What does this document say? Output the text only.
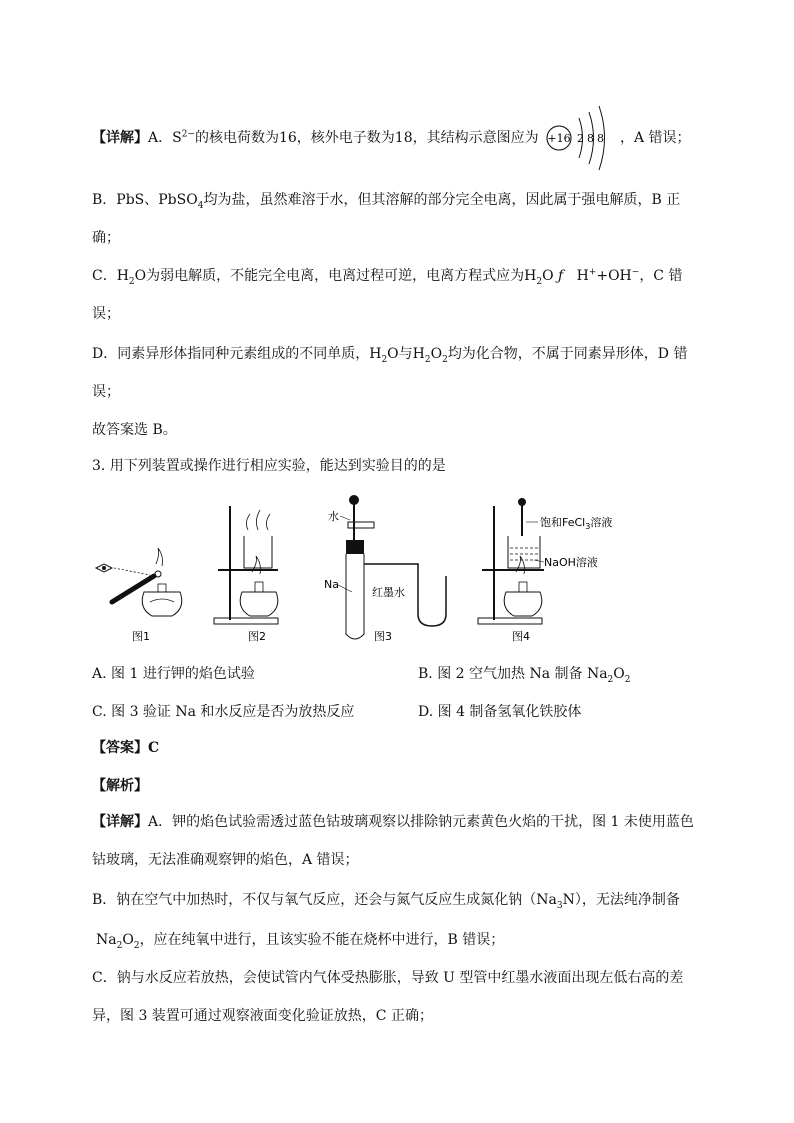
【详解】A．$S^{2-}$的核电荷数为16，核外电子数为18，其结构示意图应为 +16 2 8 8 ，A 错误；
B．PbS、PbSO$_4$均为盐，虽然难溶于水，但其溶解的部分完全电离，因此属于强电解质，B 正
确；
C．$H_2O$为弱电解质，不能完全电离，电离过程可逆，电离方程式应为$H_2O$ ƒ H++OH−，C 错
误；
D．同素异形体指同种元素组成的不同单质，$H_2O$与$H_2O_2$均为化合物，不属于同素异形体，D 错
误；
故答案选 B。
3. 用下列装置或操作进行相应实验，能达到实验目的的是
图1	图2
水
Na
红墨水
图3
饱和FeCl$_3$溶液
NaOH溶液
图4
A. 图 1 进行钾的焰色试验	B. 图 2 空气加热 Na 制备 $Na_2O_2$
C. 图 3 验证 Na 和水反应是否为放热反应	D. 图 4 制备氢氧化铁胶体
【答案】C
【解析】
【详解】A．钾的焰色试验需透过蓝色钴玻璃观察以排除钠元素黄色火焰的干扰，图 1 未使用蓝色
钴玻璃，无法准确观察钾的焰色，A 错误；
B．钠在空气中加热时，不仅与氧气反应，还会与氮气反应生成氮化钠$(Na_3N)$，无法纯净制备
$Na_2O_2$，应在纯氧中进行，且该实验不能在烧杯中进行，B 错误；
C．钠与水反应若放热，会使试管内气体受热膨胀，导致 U 型管中红墨水液面出现左低右高的差
异，图 3 装置可通过观察液面变化验证放热，C 正确；
